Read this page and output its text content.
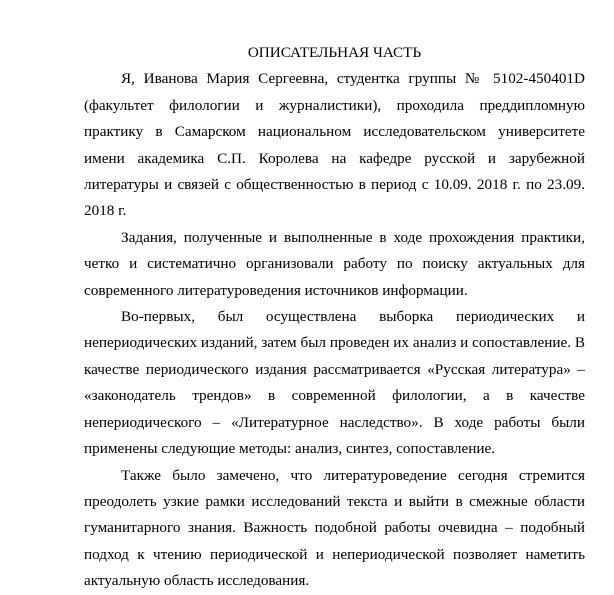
ОПИСАТЕЛЬНАЯ ЧАСТЬ

Я, Иванова Мария Сергеевна, студентка группы № 5102-450401D (факультет филологии и журналистики), проходила преддипломную практику в Самарском национальном исследовательском университете имени академика С.П. Королева на кафедре русской и зарубежной литературы и связей с общественностью в период с 10.09. 2018 г. по 23.09. 2018 г.

Задания, полученные и выполненные в ходе прохождения практики, четко и систематично организовали работу по поиску актуальных для современного литературоведения источников информации.

Во-первых, был осуществлена выборка периодических и непериодических изданий, затем был проведен их анализ и сопоставление. В качестве периодического издания рассматривается «Русская литература» – «законодатель трендов» в современной филологии, а в качестве непериодического – «Литературное наследство». В ходе работы были применены следующие методы: анализ, синтез, сопоставление.

Также было замечено, что литературоведение сегодня стремится преодолеть узкие рамки исследований текста и выйти в смежные области гуманитарного знания. Важность подобной работы очевидна – подобный подход к чтению периодической и непериодической позволяет наметить актуальную область исследования.
